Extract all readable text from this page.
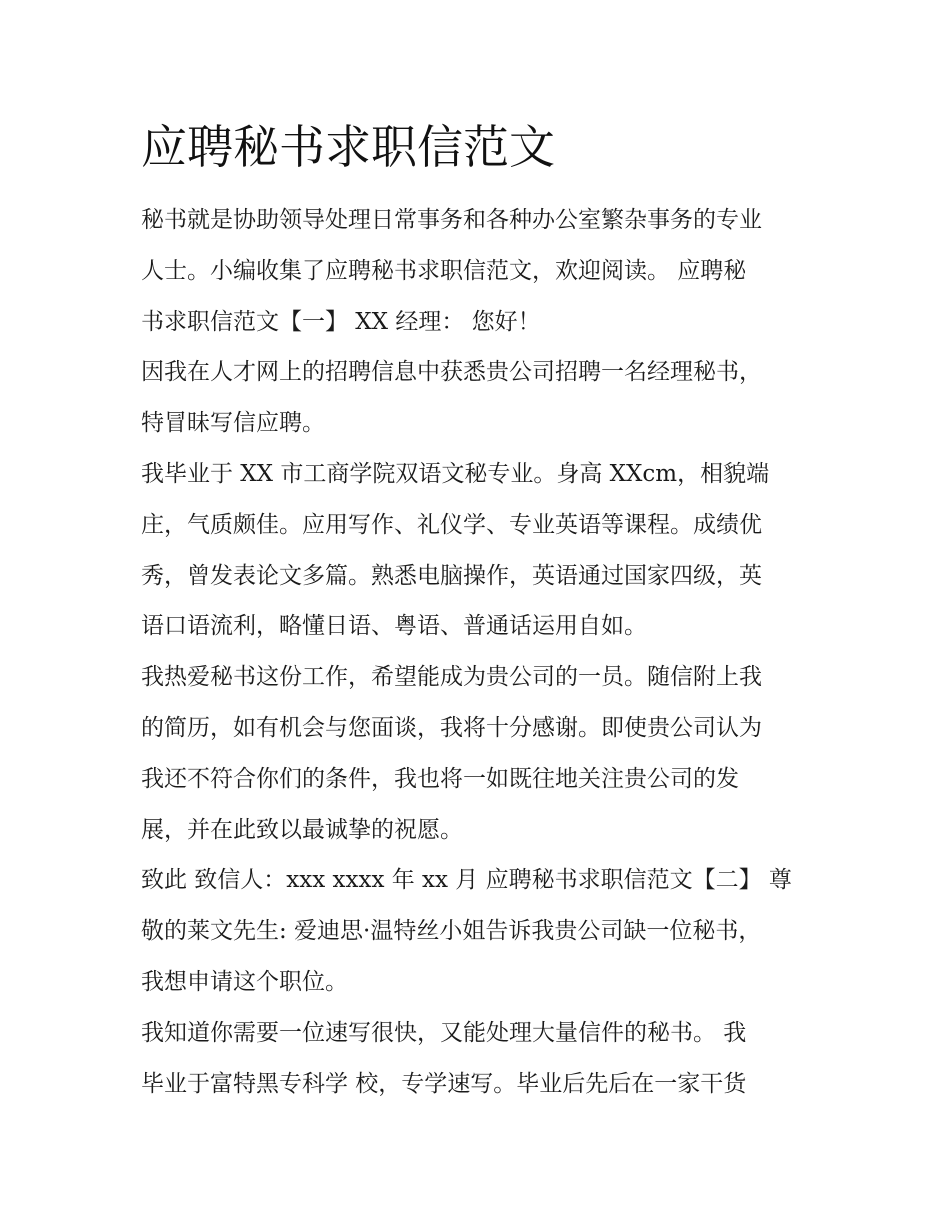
应聘秘书求职信范文
秘书就是协助领导处理日常事务和各种办公室繁杂事务的专业
人士。小编收集了应聘秘书求职信范文，欢迎阅读。 应聘秘
书求职信范文【一】 XX 经理： 您好！
因我在人才网上的招聘信息中获悉贵公司招聘一名经理秘书，
特冒昧写信应聘。
我毕业于 XX 市工商学院双语文秘专业。身高 XXcm，相貌端
庄，气质颇佳。应用写作、礼仪学、专业英语等课程。成绩优
秀，曾发表论文多篇。熟悉电脑操作，英语通过国家四级，英
语口语流利，略懂日语、粤语、普通话运用自如。
我热爱秘书这份工作，希望能成为贵公司的一员。随信附上我
的简历，如有机会与您面谈，我将十分感谢。即使贵公司认为
我还不符合你们的条件，我也将一如既往地关注贵公司的发
展，并在此致以最诚挚的祝愿。
致此 致信人：xxx xxxx 年 xx 月 应聘秘书求职信范文【二】 尊
敬的莱文先生: 爱迪思·温特丝小姐告诉我贵公司缺一位秘书，
我想申请这个职位。
我知道你需要一位速写很快，又能处理大量信件的秘书。 我
毕业于富特黑专科学 校，专学速写。毕业后先后在一家干货
